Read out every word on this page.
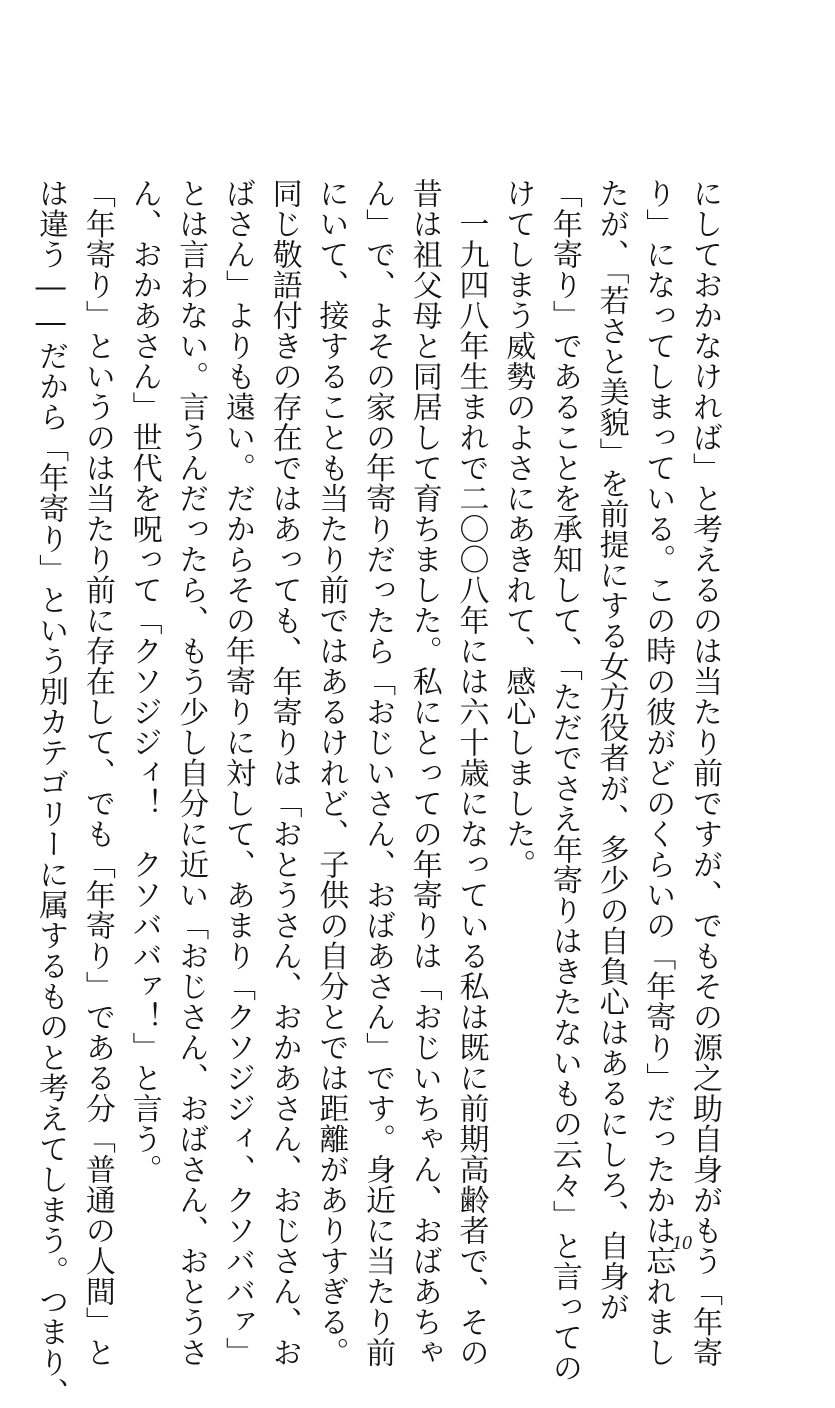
にしておかなければ」と考えるのは当たり前ですが、でもその源之助自身がもう「年寄
り」になってしまっている。この時の彼がどのくらいの「年寄り」だったかは忘れまし
たが、「若さと美貌」を前提にする女方役者が、多少の自負心はあるにしろ、自身が
「年寄り」であることを承知して、「ただでさえ年寄りはきたないもの云々」と言っての
けてしまう威勢のよさにあきれて、感心しました。
　一九四八年生まれで二〇〇八年には六十歳になっている私は既に前期高齢者で、その
昔は祖父母と同居して育ちました。私にとっての年寄りは「おじいちゃん、おばあちゃ
ん」で、よその家の年寄りだったら「おじいさん、おばあさん」です。身近に当たり前
にいて、接することも当たり前ではあるけれど、子供の自分とでは距離がありすぎる。
同じ敬語付きの存在ではあっても、年寄りは「おとうさん、おかあさん、おじさん、お
ばさん」よりも遠い。だからその年寄りに対して、あまり「クソジジィ、クソババァ」
とは言わない。言うんだったら、もう少し自分に近い「おじさん、おばさん、おとうさ
ん、おかあさん」世代を呪って「クソジジィ！　クソババァ！」と言う。
「年寄り」というのは当たり前に存在して、でも「年寄り」である分「普通の人間」と
は違う――だから「年寄り」という別カテゴリーに属するものと考えてしまう。つまり、	10
